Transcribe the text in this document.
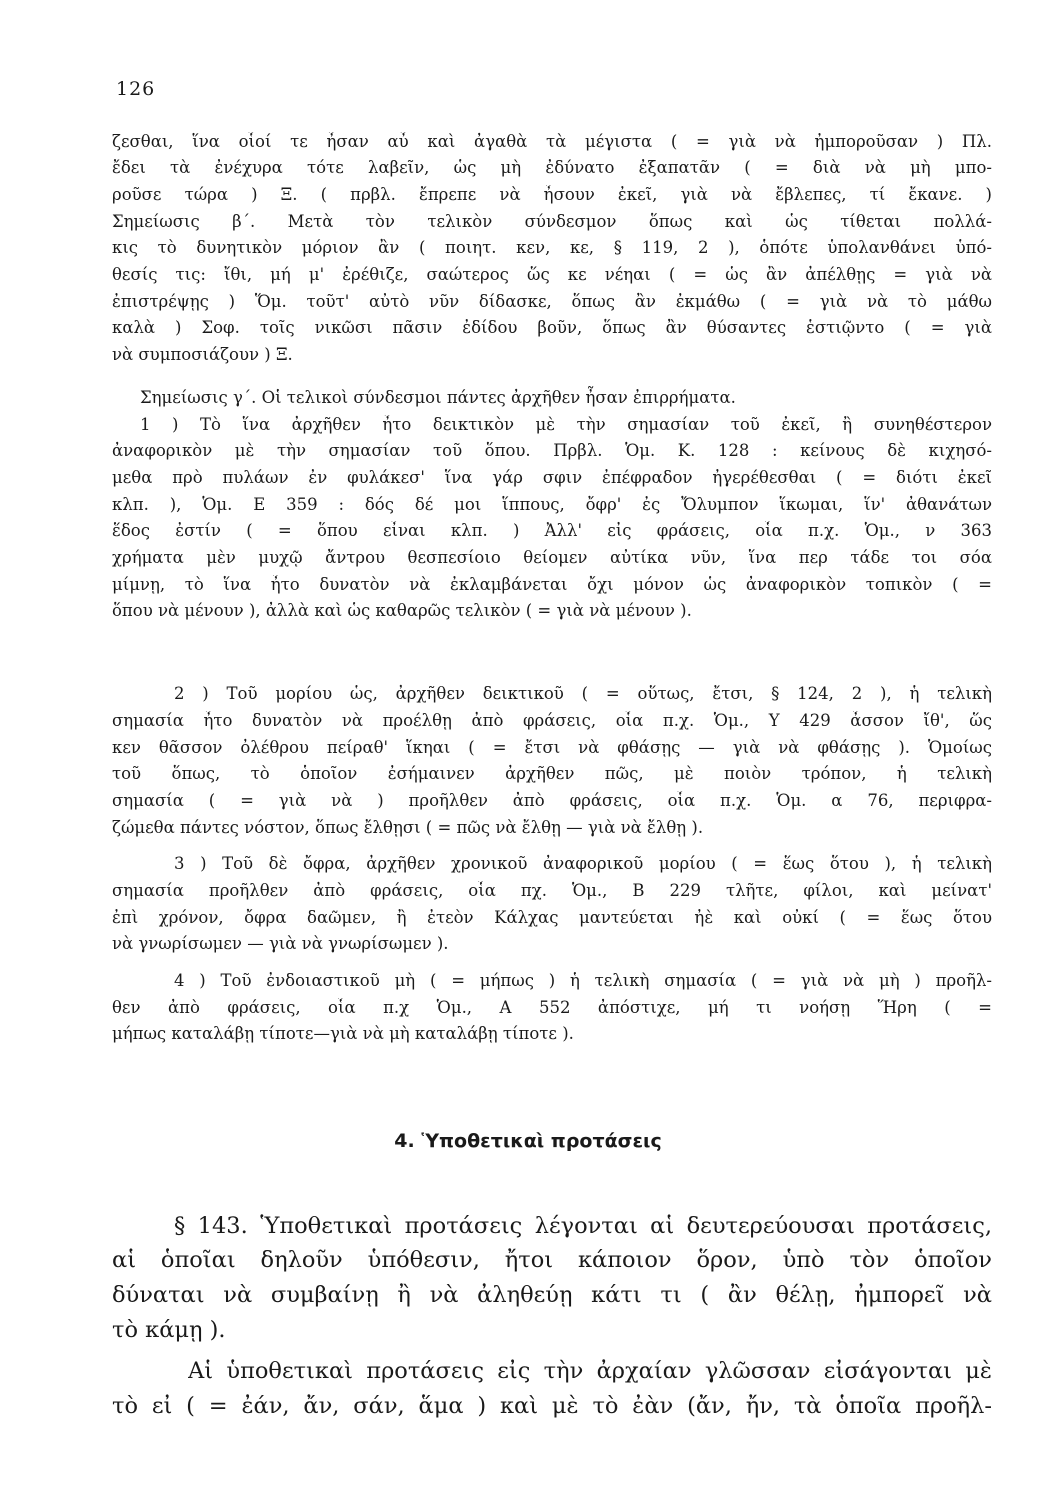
126
ζεσθαι, ἵνα οἷοί τε ἦσαν αὖ καὶ ἀγαθὰ τὰ μέγιστα ( = γιὰ νὰ ἠμποροῦσαν ) Πλ.
ἔδει τὰ ἐνέχυρα τότε λαβεῖν, ὡς μὴ ἐδύνατο ἐξαπατᾶν ( = διὰ νὰ μὴ μπο-
ροῦσε τώρα ) Ξ. ( πρβλ. ἔπρεπε νὰ ἦσουν ἐκεῖ, γιὰ νὰ ἔβλεπες, τί ἔκανε. )
Σημείωσις β΄. Μετὰ τὸν τελικὸν σύνδεσμον ὅπως καὶ ὡς τίθεται πολλά-
κις τὸ δυνητικὸν μόριον ἂν ( ποιητ. κεν, κε, § 119, 2 ), ὁπότε ὑπολανθάνει ὑπό-
θεσίς τις: ἴθι, μή μ' ἐρέθιζε, σαώτερος ὥς κε νέηαι ( = ὡς ἂν ἀπέλθῃς = γιὰ νὰ
ἐπιστρέψῃς ) Ὅμ. τοῦτ' αὐτὸ νῦν δίδασκε, ὅπως ἂν ἐκμάθω ( = γιὰ νὰ τὸ μάθω
καλὰ ) Σοφ. τοῖς νικῶσι πᾶσιν ἐδίδου βοῦν, ὅπως ἂν θύσαντες ἑστιῷντο ( = γιὰ
νὰ συμποσιάζουν ) Ξ.
Σημείωσις γ΄. Οἱ τελικοὶ σύνδεσμοι πάντες ἀρχῆθεν ἦσαν ἐπιρρήματα.
1 ) Τὸ ἵνα ἀρχῆθεν ἦτο δεικτικὸν μὲ τὴν σημασίαν τοῦ ἐκεῖ, ἢ συνηθέστερον
ἀναφορικὸν μὲ τὴν σημασίαν τοῦ ὅπου. Πρβλ. Ὁμ. Κ. 128 : κείνους δὲ κιχησό-
μεθα πρὸ πυλάων ἐν φυλάκεσ' ἵνα γάρ σφιν ἐπέφραδον ἠγερέθεσθαι ( = διότι ἐκεῖ
κλπ. ), Ὁμ. Ε 359 : δός δέ μοι ἵππους, ὄφρ' ἐς Ὄλυμπον ἵκωμαι, ἵν' ἀθανάτων
ἕδος ἐστίν ( = ὅπου εἶναι κλπ. ) Ἀλλ' εἰς φράσεις, οἷα π.χ. Ὁμ., ν 363
χρήματα μὲν μυχῷ ἄντρου θεσπεσίοιο θείομεν αὐτίκα νῦν, ἵνα περ τάδε τοι σόα
μίμνῃ, τὸ ἵνα ἦτο δυνατὸν νὰ ἐκλαμβάνεται ὄχι μόνον ὡς ἀναφορικὸν τοπικὸν ( =
ὅπου νὰ μένουν ), ἀλλὰ καὶ ὡς καθαρῶς τελικὸν ( = γιὰ νὰ μένουν ).
2 ) Τοῦ μορίου ὡς, ἀρχῆθεν δεικτικοῦ ( = οὕτως, ἔτσι, § 124, 2 ), ἡ τελικὴ
σημασία ἦτο δυνατὸν νὰ προέλθῃ ἀπὸ φράσεις, οἷα π.χ. Ὁμ., Υ 429 ἆσσον ἴθ', ὥς
κεν θᾶσσον ὀλέθρου πείραθ' ἵκηαι ( = ἔτσι νὰ φθάσῃς — γιὰ νὰ φθάσῃς ). Ὁμοίως
τοῦ ὅπως, τὸ ὁποῖον ἐσήμαινεν ἀρχῆθεν πῶς, μὲ ποιὸν τρόπον, ἡ τελικὴ
σημασία ( = γιὰ νὰ ) προῆλθεν ἀπὸ φράσεις, οἷα π.χ. Ὁμ. α 76, περιφρα-
ζώμεθα πάντες νόστον, ὅπως ἔλθῃσι ( = πῶς νὰ ἔλθῃ — γιὰ νὰ ἔλθῃ ).
3 ) Τοῦ δὲ ὄφρα, ἀρχῆθεν χρονικοῦ ἀναφορικοῦ μορίου ( = ἕως ὅτου ), ἡ τελικὴ
σημασία προῆλθεν ἀπὸ φράσεις, οἷα πχ. Ὁμ., Β 229 τλῆτε, φίλοι, καὶ μείνατ'
ἐπὶ χρόνον, ὄφρα δαῶμεν, ἢ ἐτεὸν Κάλχας μαντεύεται ἠὲ καὶ οὐκί ( = ἕως ὅτου
νὰ γνωρίσωμεν — γιὰ νὰ γνωρίσωμεν ).
4 ) Τοῦ ἐνδοιαστικοῦ μὴ ( = μήπως ) ἡ τελικὴ σημασία ( = γιὰ νὰ μὴ ) προῆλ-
θεν ἀπὸ φράσεις, οἷα π.χ Ὁμ., Α 552 ἀπόστιχε, μή τι νοήσῃ Ἥρη ( =
μήπως καταλάβῃ τίποτε—γιὰ νὰ μὴ καταλάβῃ τίποτε ).
4. Ὑποθετικαὶ προτάσεις
§ 143. Ὑποθετικαὶ προτάσεις λέγονται αἱ δευτερεύουσαι προτάσεις,
αἱ ὁποῖαι δηλοῦν ὑπόθεσιν, ἤτοι κάποιον ὅρον, ὑπὸ τὸν ὁποῖον
δύναται νὰ συμβαίνῃ ἢ νὰ ἀληθεύῃ κάτι τι ( ἂν θέλῃ, ἠμπορεῖ νὰ
τὸ κάμῃ ).
Αἱ ὑποθετικαὶ προτάσεις εἰς τὴν ἀρχαίαν γλῶσσαν εἰσάγονται μὲ
τὸ εἰ ( = ἐάν, ἄν, σάν, ἅμα ) καὶ μὲ τὸ ἐὰν (ἄν, ἤν, τὰ ὁποῖα προῆλ-
